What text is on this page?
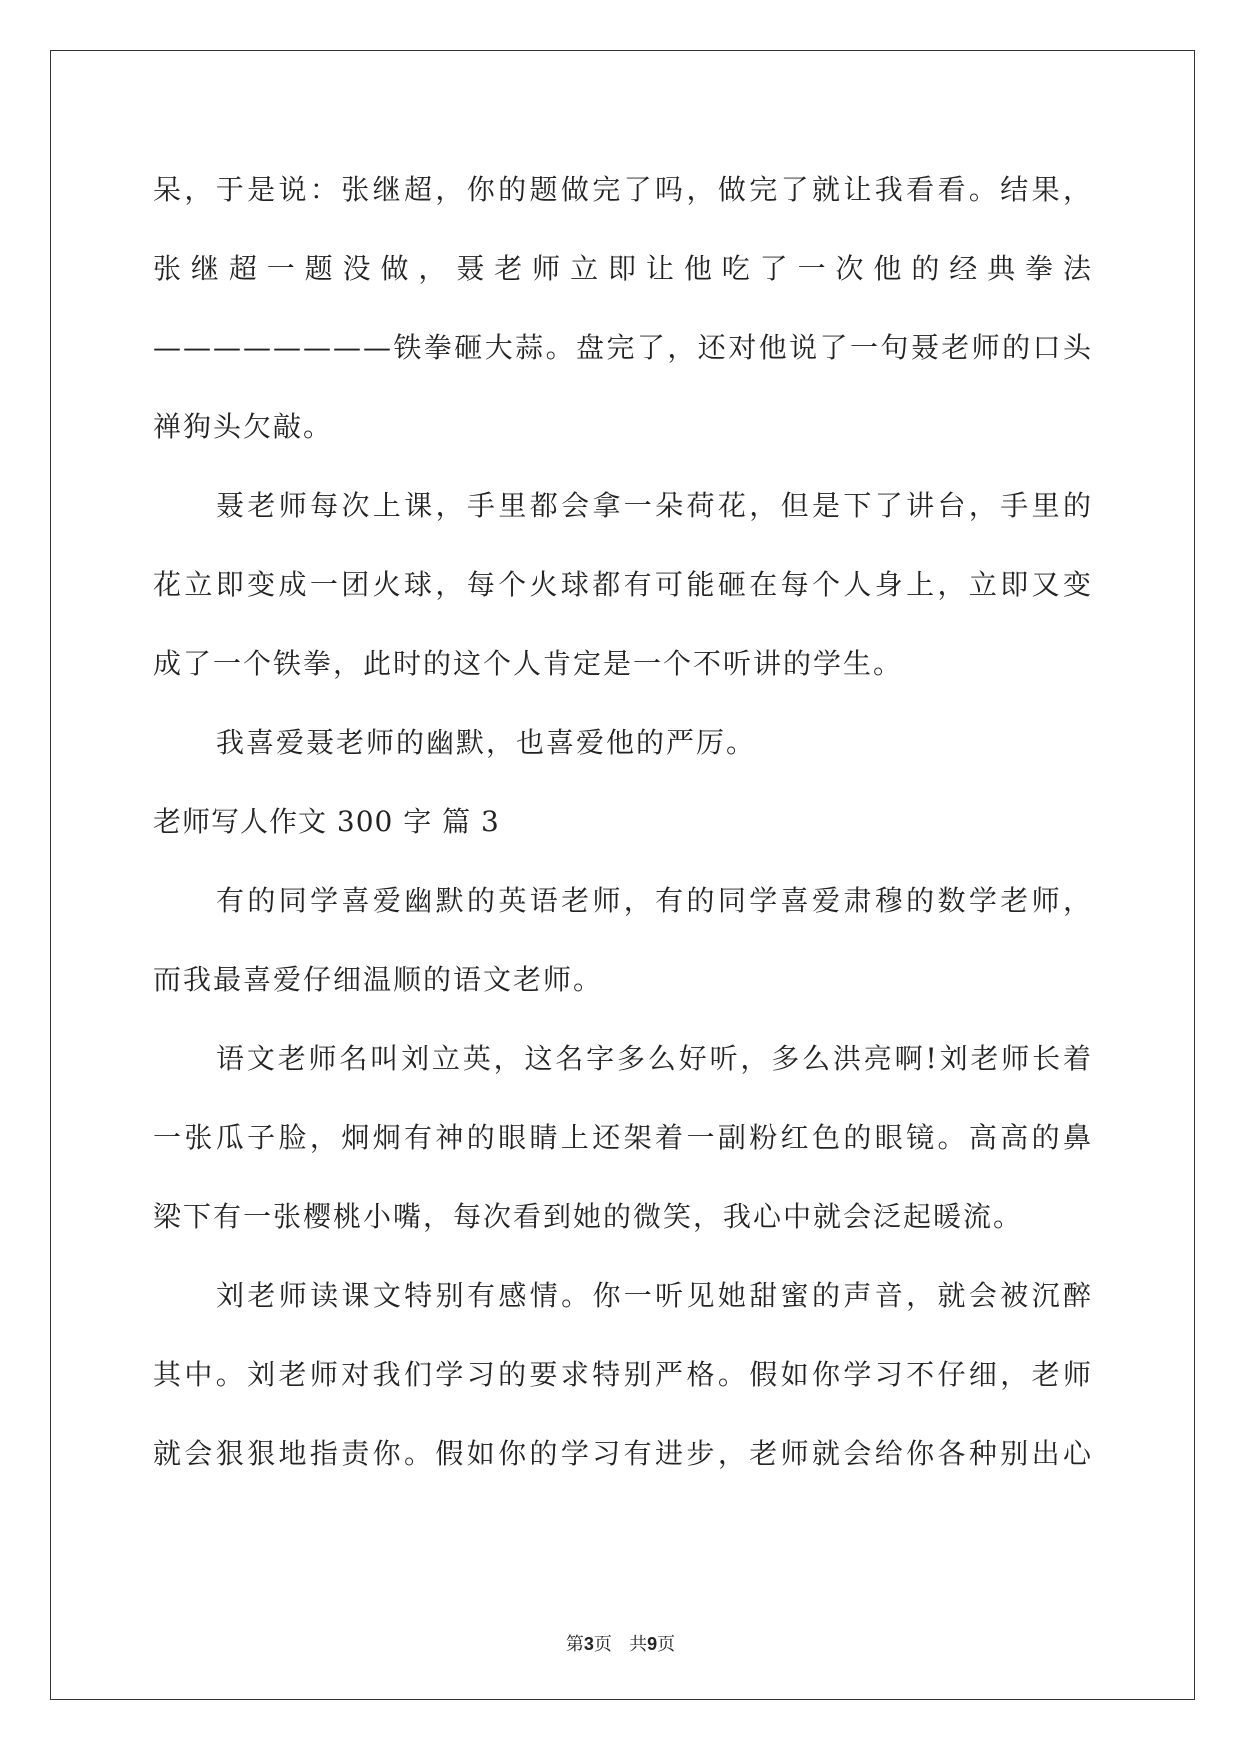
呆，于是说：张继超，你的题做完了吗，做完了就让我看看。结果，
张继超一题没做，聂老师立即让他吃了一次他的经典拳法
————————铁拳砸大蒜。盘完了，还对他说了一句聂老师的口头
禅狗头欠敲。
聂老师每次上课，手里都会拿一朵荷花，但是下了讲台，手里的
花立即变成一团火球，每个火球都有可能砸在每个人身上，立即又变
成了一个铁拳，此时的这个人肯定是一个不听讲的学生。
我喜爱聂老师的幽默，也喜爱他的严厉。
老师写人作文 300 字 篇 3
有的同学喜爱幽默的英语老师，有的同学喜爱肃穆的数学老师，
而我最喜爱仔细温顺的语文老师。
语文老师名叫刘立英，这名字多么好听，多么洪亮啊!刘老师长着
一张瓜子脸，炯炯有神的眼睛上还架着一副粉红色的眼镜。高高的鼻
梁下有一张樱桃小嘴，每次看到她的微笑，我心中就会泛起暖流。
刘老师读课文特别有感情。你一听见她甜蜜的声音，就会被沉醉
其中。刘老师对我们学习的要求特别严格。假如你学习不仔细，老师
就会狠狠地指责你。假如你的学习有进步，老师就会给你各种别出心
第3页   共9页
